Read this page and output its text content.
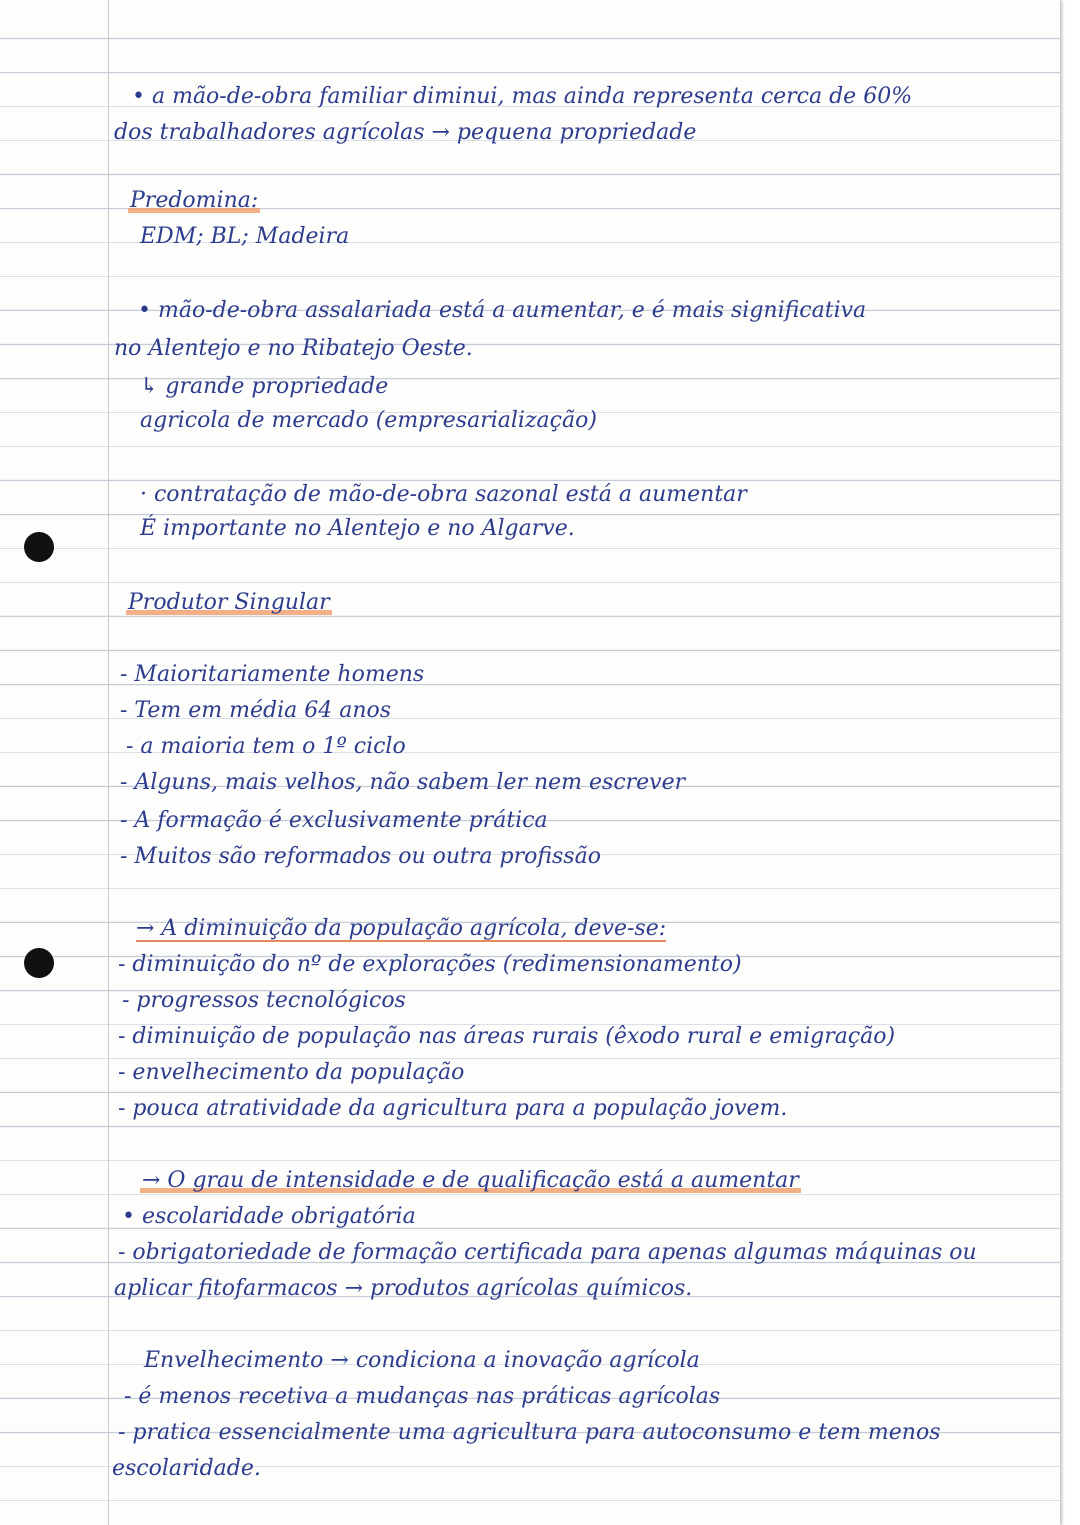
• a mão-de-obra familiar diminui, mas ainda representa cerca de 60%
dos trabalhadores agrícolas → pequena propriedade
Predomina:
EDM; BL; Madeira
• mão-de-obra assalariada está a aumentar, e é mais significativa
no Alentejo e no Ribatejo Oeste.
↳ grande propriedade
agricola de mercado (empresarialização)
· contratação de mão-de-obra sazonal está a aumentar
É importante no Alentejo e no Algarve.
Produtor Singular
- Maioritariamente homens
- Tem em média 64 anos
- a maioria tem o 1º ciclo
- Alguns, mais velhos, não sabem ler nem escrever
- A formação é exclusivamente prática
- Muitos são reformados ou outra profissão
→ A diminuição da população agrícola, deve-se:
- diminuição do nº de explorações (redimensionamento)
- progressos tecnológicos
- diminuição de população nas áreas rurais (êxodo rural e emigração)
- envelhecimento da população
- pouca atratividade da agricultura para a população jovem.
→ O grau de intensidade e de qualificação está a aumentar
• escolaridade obrigatória
- obrigatoriedade de formação certificada para apenas algumas máquinas ou
aplicar fitofarmacos → produtos agrícolas químicos.
Envelhecimento → condiciona a inovação agrícola
- é menos recetiva a mudanças nas práticas agrícolas
- pratica essencialmente uma agricultura para autoconsumo e tem menos
escolaridade.
